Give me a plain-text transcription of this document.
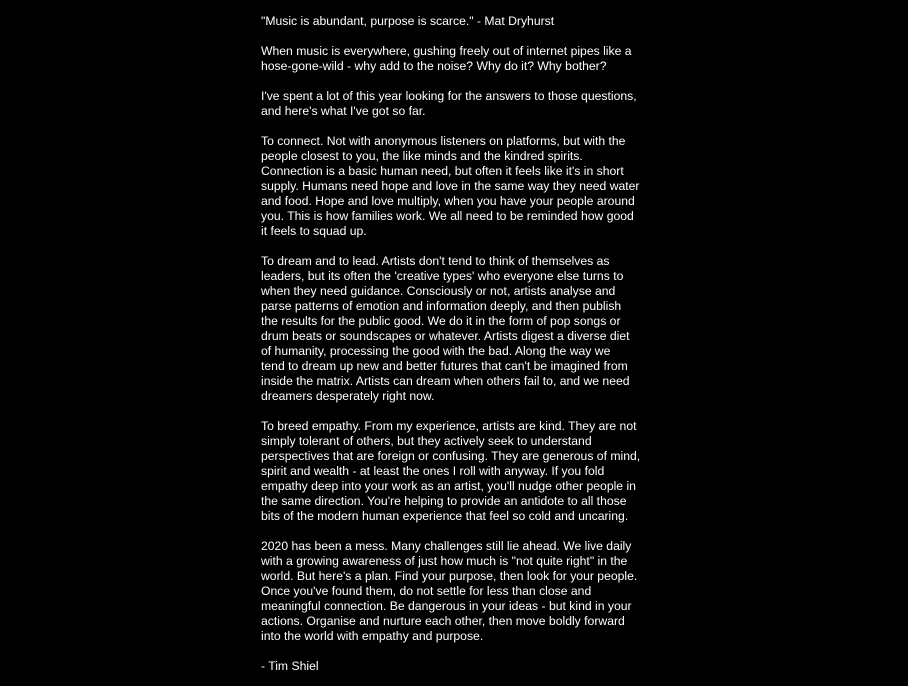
"Music is abundant, purpose is scarce." - Mat Dryhurst

When music is everywhere, gushing freely out of internet pipes like a
hose-gone-wild - why add to the noise? Why do it? Why bother?

I've spent a lot of this year looking for the answers to those questions,
and here's what I've got so far.

To connect. Not with anonymous listeners on platforms, but with the
people closest to you, the like minds and the kindred spirits.
Connection is a basic human need, but often it feels like it's in short
supply. Humans need hope and love in the same way they need water
and food. Hope and love multiply, when you have your people around
you. This is how families work. We all need to be reminded how good
it feels to squad up.

To dream and to lead. Artists don't tend to think of themselves as
leaders, but its often the 'creative types' who everyone else turns to
when they need guidance. Consciously or not, artists analyse and
parse patterns of emotion and information deeply, and then publish
the results for the public good. We do it in the form of pop songs or
drum beats or soundscapes or whatever. Artists digest a diverse diet
of humanity, processing the good with the bad. Along the way we
tend to dream up new and better futures that can't be imagined from
inside the matrix. Artists can dream when others fail to, and we need
dreamers desperately right now.

To breed empathy. From my experience, artists are kind. They are not
simply tolerant of others, but they actively seek to understand
perspectives that are foreign or confusing. They are generous of mind,
spirit and wealth - at least the ones I roll with anyway. If you fold
empathy deep into your work as an artist, you'll nudge other people in
the same direction. You're helping to provide an antidote to all those
bits of the modern human experience that feel so cold and uncaring.

2020 has been a mess. Many challenges still lie ahead. We live daily
with a growing awareness of just how much is "not quite right" in the
world. But here's a plan. Find your purpose, then look for your people.
Once you've found them, do not settle for less than close and
meaningful connection. Be dangerous in your ideas - but kind in your
actions. Organise and nurture each other, then move boldly forward
into the world with empathy and purpose.

- Tim Shiel
